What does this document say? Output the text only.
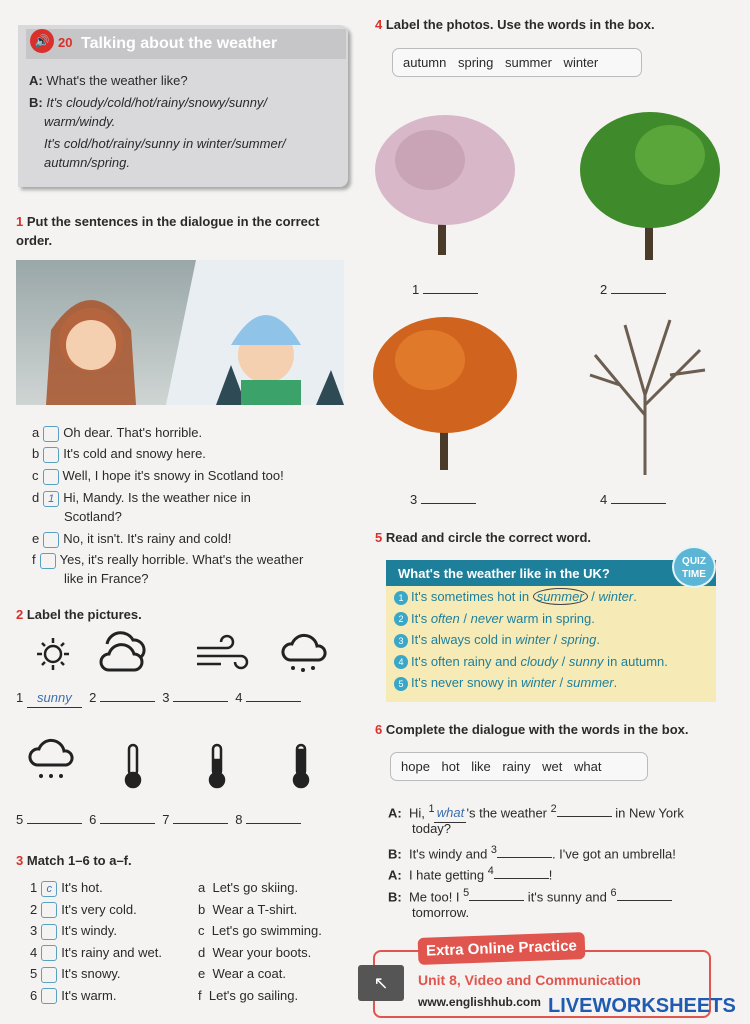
Talking about the weather
🔊 20
A: What's the weather like?
B: It's cloudy/cold/hot/rainy/snowy/sunny/
warm/windy.
It's cold/hot/rainy/sunny in winter/summer/
autumn/spring.
1 Put the sentences in the dialogue in the correct order.
a Oh dear. That's horrible.
b It's cold and snowy here.
c Well, I hope it's snowy in Scotland too!
d 1 Hi, Mandy. Is the weather nice in
Scotland?
e No, it isn't. It's rainy and cold!
f Yes, it's really horrible. What's the weather
like in France?
2 Label the pictures.
1 sunny 2	3	4
5	6	7	8
3 Match 1–6 to a–f.
1 c It's hot.	a Let's go skiing.
2 It's very cold.	b Wear a T-shirt.
3 It's windy.	c Let's go swimming.
4 It's rainy and wet.	d Wear your boots.
5 It's snowy.	e Wear a coat.
6 It's warm.	f Let's go sailing.
4 Label the photos. Use the words in the box.
autumn spring summer winter
1	2
3	4
5 Read and circle the correct word.
What's the weather like in the UK?
1 It's sometimes hot in summer / winter.
2 It's often / never warm in spring.
3 It's always cold in winter / spring.
4 It's often rainy and cloudy / sunny in autumn.
5 It's never snowy in winter / summer.
QUIZ
TIME
6 Complete the dialogue with the words in the box.
hope hot like rainy wet what
A: Hi, $^1$ what 's the weather $^2$	in New York
today?
B: It's windy and $^3$	. I've got an umbrella!
A: I hate getting $^4$	!
B: Me too! I $^5$	it's sunny and $^6$
tomorrow.
Extra Online Practice
↖	Unit 8, Video and Communication
www.englishhub.com LIVEWORKSHEETS
